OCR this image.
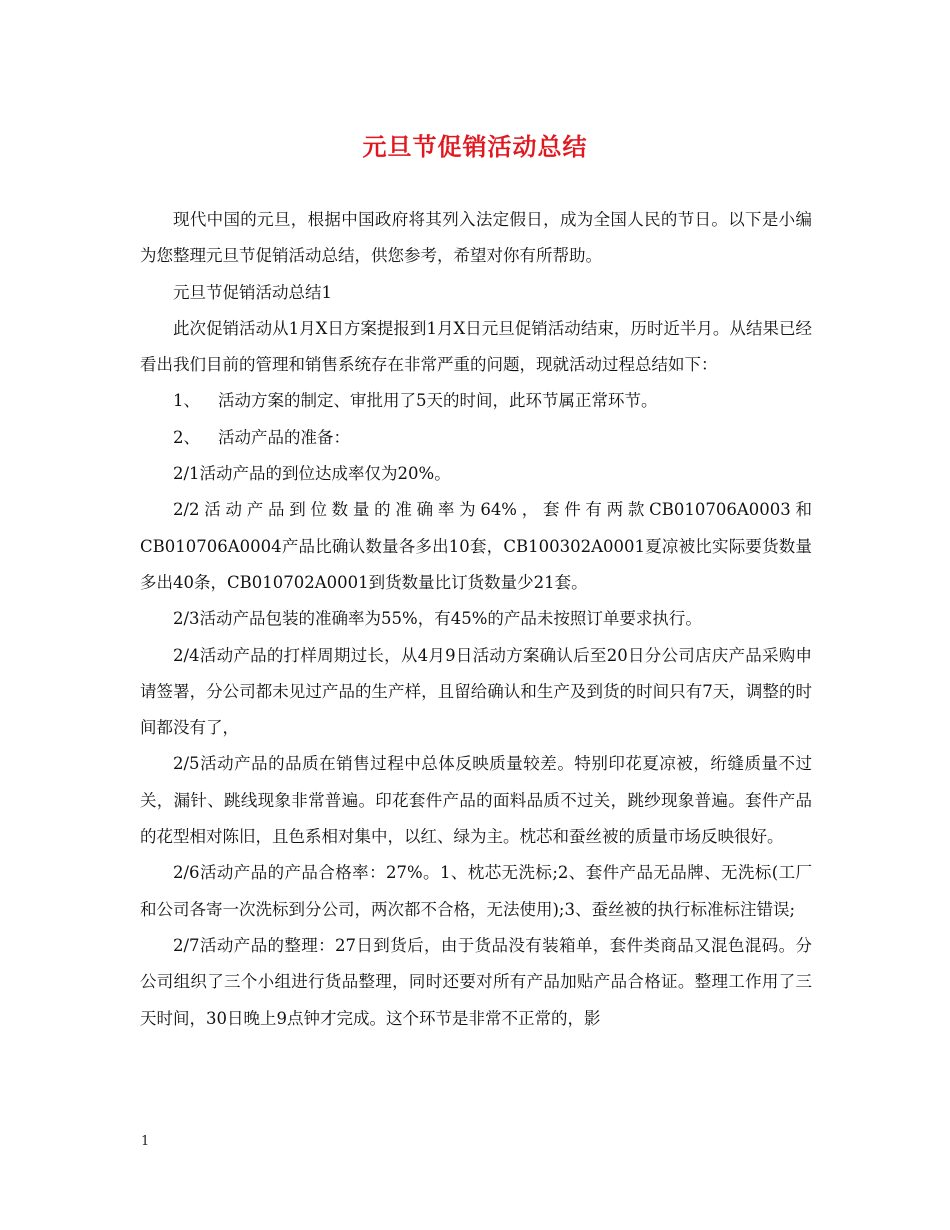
元旦节促销活动总结

现代中国的元旦，根据中国政府将其列入法定假日，成为全国人民的节日。以下是小编为您整理元旦节促销活动总结，供您参考，希望对你有所帮助。

元旦节促销活动总结1

此次促销活动从1月X日方案提报到1月X日元旦促销活动结束，历时近半月。从结果已经看出我们目前的管理和销售系统存在非常严重的问题，现就活动过程总结如下：

1、 活动方案的制定、审批用了5天的时间，此环节属正常环节。

2、 活动产品的准备：

2/1活动产品的到位达成率仅为20%。

2/2活动产品到位数量的准确率为64%，套件有两款CB010706A0003和CB010706A0004产品比确认数量各多出10套，CB100302A0001夏凉被比实际要货数量多出40条，CB010702A0001到货数量比订货数量少21套。

2/3活动产品包装的准确率为55%，有45%的产品未按照订单要求执行。

2/4活动产品的打样周期过长，从4月9日活动方案确认后至20日分公司店庆产品采购申请签署，分公司都未见过产品的生产样，且留给确认和生产及到货的时间只有7天，调整的时间都没有了，

2/5活动产品的品质在销售过程中总体反映质量较差。特别印花夏凉被，绗缝质量不过关，漏针、跳线现象非常普遍。印花套件产品的面料品质不过关，跳纱现象普遍。套件产品的花型相对陈旧，且色系相对集中，以红、绿为主。枕芯和蚕丝被的质量市场反映很好。

2/6活动产品的产品合格率：27%。1、枕芯无洗标;2、套件产品无品牌、无洗标(工厂和公司各寄一次洗标到分公司，两次都不合格，无法使用);3、蚕丝被的执行标准标注错误;

2/7活动产品的整理：27日到货后，由于货品没有装箱单，套件类商品又混色混码。分公司组织了三个小组进行货品整理，同时还要对所有产品加贴产品合格证。整理工作用了三天时间，30日晚上9点钟才完成。这个环节是非常不正常的，影

1
